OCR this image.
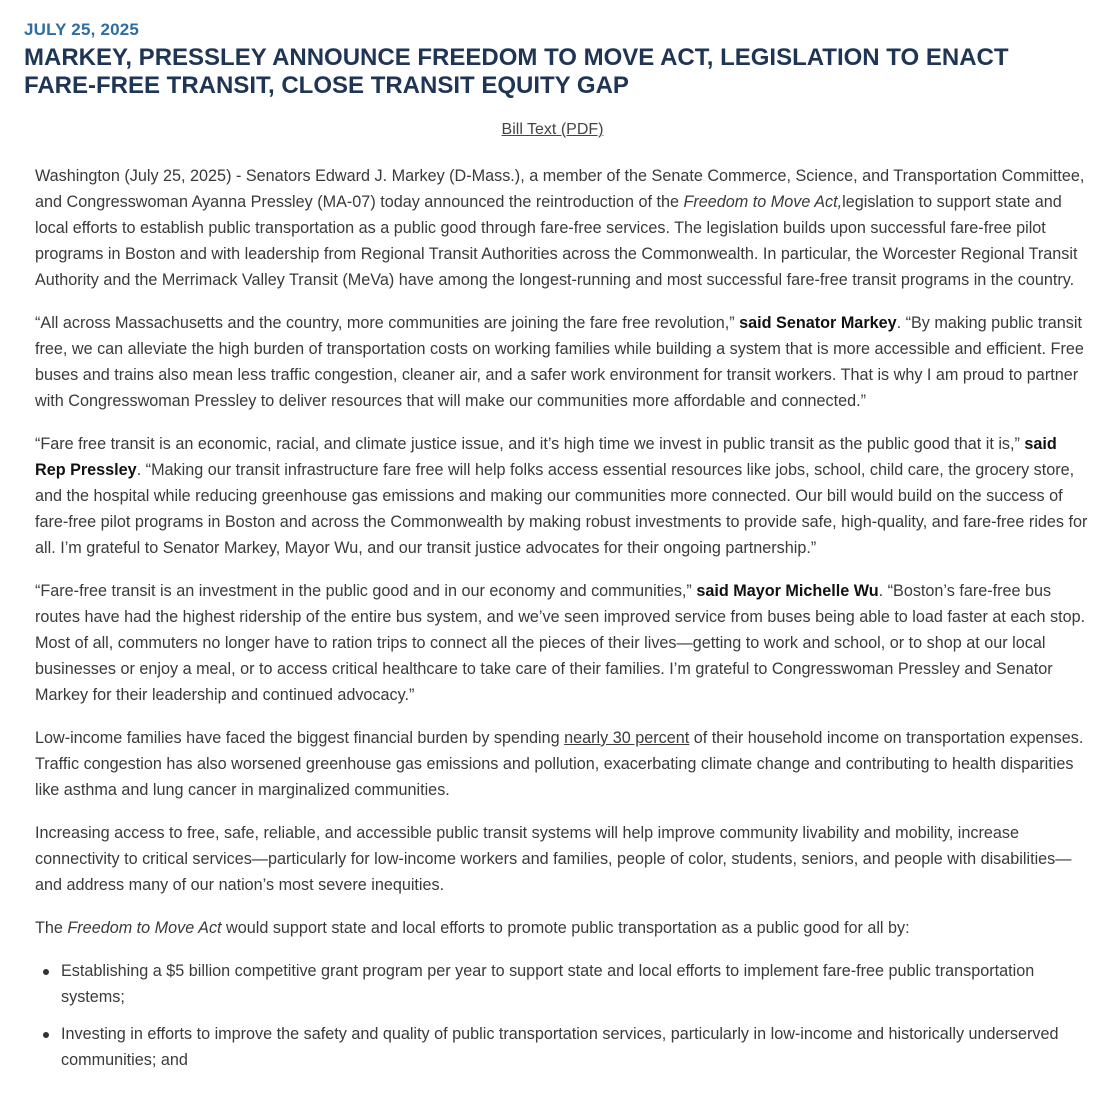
JULY 25, 2025
MARKEY, PRESSLEY ANNOUNCE FREEDOM TO MOVE ACT, LEGISLATION TO ENACT FARE-FREE TRANSIT, CLOSE TRANSIT EQUITY GAP
Bill Text (PDF)

Washington (July 25, 2025) - Senators Edward J. Markey (D-Mass.), a member of the Senate Commerce, Science, and Transportation Committee, and Congresswoman Ayanna Pressley (MA-07) today announced the reintroduction of the Freedom to Move Act,legislation to support state and local efforts to establish public transportation as a public good through fare-free services. The legislation builds upon successful fare-free pilot programs in Boston and with leadership from Regional Transit Authorities across the Commonwealth. In particular, the Worcester Regional Transit Authority and the Merrimack Valley Transit (MeVa) have among the longest-running and most successful fare-free transit programs in the country.

“All across Massachusetts and the country, more communities are joining the fare free revolution,” said Senator Markey. “By making public transit free, we can alleviate the high burden of transportation costs on working families while building a system that is more accessible and efficient. Free buses and trains also mean less traffic congestion, cleaner air, and a safer work environment for transit workers. That is why I am proud to partner with Congresswoman Pressley to deliver resources that will make our communities more affordable and connected.”

“Fare free transit is an economic, racial, and climate justice issue, and it’s high time we invest in public transit as the public good that it is,” said Rep Pressley. “Making our transit infrastructure fare free will help folks access essential resources like jobs, school, child care, the grocery store, and the hospital while reducing greenhouse gas emissions and making our communities more connected. Our bill would build on the success of fare-free pilot programs in Boston and across the Commonwealth by making robust investments to provide safe, high-quality, and fare-free rides for all. I’m grateful to Senator Markey, Mayor Wu, and our transit justice advocates for their ongoing partnership.”

“Fare-free transit is an investment in the public good and in our economy and communities,” said Mayor Michelle Wu. “Boston’s fare-free bus routes have had the highest ridership of the entire bus system, and we’ve seen improved service from buses being able to load faster at each stop. Most of all, commuters no longer have to ration trips to connect all the pieces of their lives—getting to work and school, or to shop at our local businesses or enjoy a meal, or to access critical healthcare to take care of their families. I’m grateful to Congresswoman Pressley and Senator Markey for their leadership and continued advocacy.”

Low-income families have faced the biggest financial burden by spending nearly 30 percent of their household income on transportation expenses. Traffic congestion has also worsened greenhouse gas emissions and pollution, exacerbating climate change and contributing to health disparities like asthma and lung cancer in marginalized communities.

Increasing access to free, safe, reliable, and accessible public transit systems will help improve community livability and mobility, increase connectivity to critical services—particularly for low-income workers and families, people of color, students, seniors, and people with disabilities—and address many of our nation’s most severe inequities.

The Freedom to Move Act would support state and local efforts to promote public transportation as a public good for all by:

Establishing a $5 billion competitive grant program per year to support state and local efforts to implement fare-free public transportation systems;
Investing in efforts to improve the safety and quality of public transportation services, particularly in low-income and historically underserved communities; and
